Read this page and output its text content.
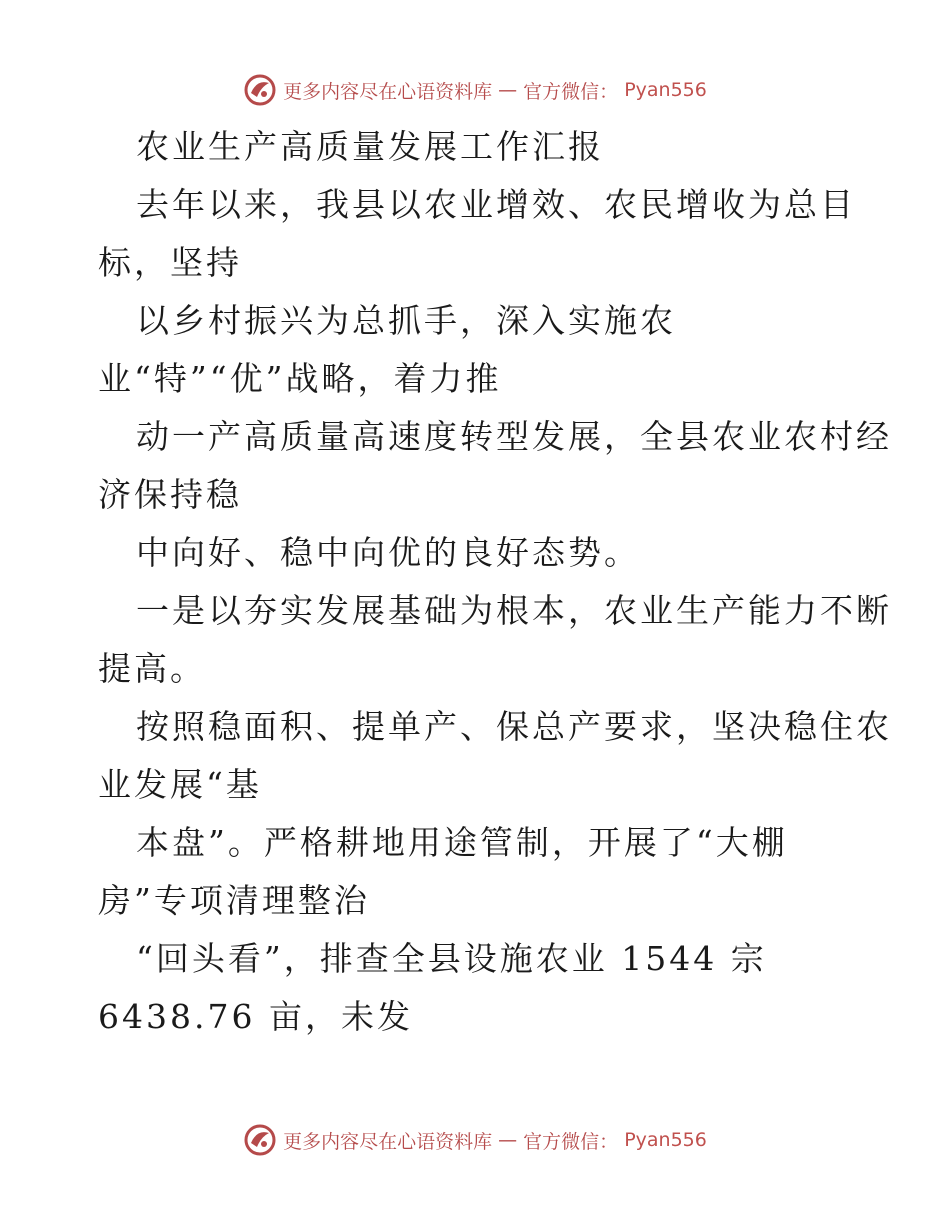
更多内容尽在心语资料库 — 官方微信： Pyan556
农业生产高质量发展工作汇报
去年以来，我县以农业增效、农民增收为总目
标，坚持
以乡村振兴为总抓手，深入实施农
业“特”“优”战略，着力推
动一产高质量高速度转型发展，全县农业农村经
济保持稳
中向好、稳中向优的良好态势。
一是以夯实发展基础为根本，农业生产能力不断
提高。
按照稳面积、提单产、保总产要求，坚决稳住农
业发展“基
本盘”。严格耕地用途管制，开展了“大棚
房”专项清理整治
“回头看”，排查全县设施农业 1544 宗
6438.76 亩，未发
更多内容尽在心语资料库 — 官方微信： Pyan556
